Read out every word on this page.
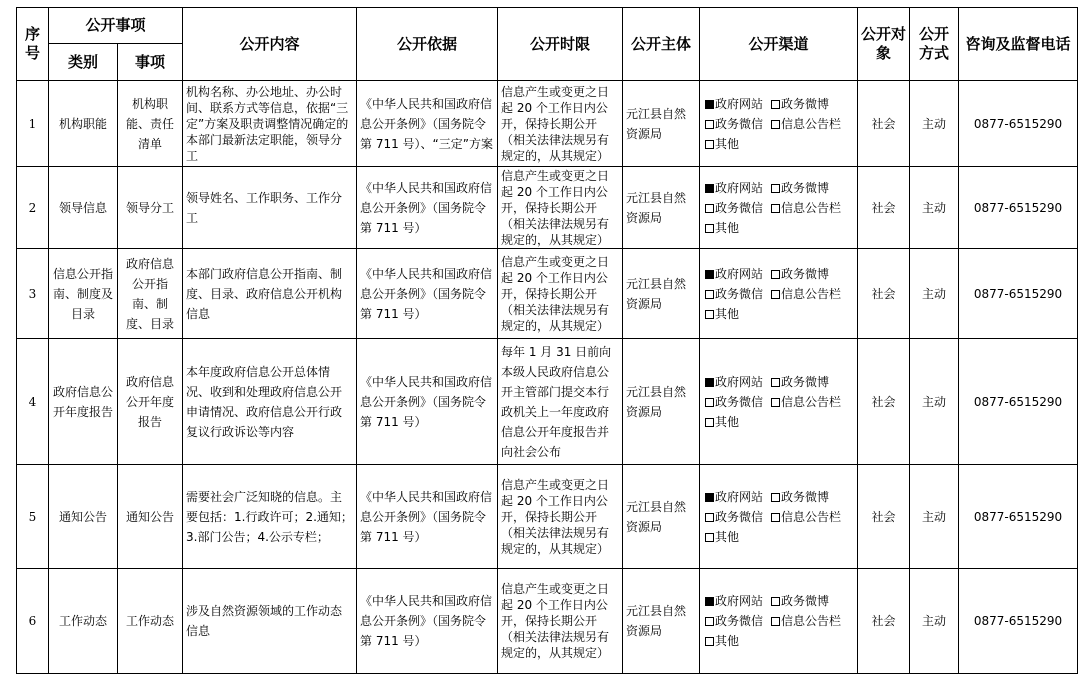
序号	公开事项		公开内容	公开依据	公开时限	公开主体	公开渠道	公开对象	公开方式	咨询及监督电话
	类别	事项								
1	机构职能	机构职能、责任清单	机构名称、办公地址、办公时间、联系方式等信息，依据“三定”方案及职责调整情况确定的本部门最新法定职能，领导分工	《中华人民共和国政府信息公开条例》（国务院令第 711 号）、“三定”方案	信息产生或变更之日起 20 个工作日内公开，保持长期公开（相关法律法规另有规定的，从其规定）	元江县自然资源局	政府网站 政务微博
政务微信 信息公告栏
其他	社会	主动	0877-6515290
2	领导信息	领导分工	领导姓名、工作职务、工作分工	《中华人民共和国政府信息公开条例》（国务院令第 711 号）	信息产生或变更之日起 20 个工作日内公开，保持长期公开（相关法律法规另有规定的，从其规定）	元江县自然资源局	政府网站 政务微博
政务微信 信息公告栏
其他	社会	主动	0877-6515290
3	信息公开指南、制度及目录	政府信息公开指南、制度、目录	本部门政府信息公开指南、制度、目录、政府信息公开机构信息	《中华人民共和国政府信息公开条例》（国务院令第 711 号）	信息产生或变更之日起 20 个工作日内公开，保持长期公开（相关法律法规另有规定的，从其规定）	元江县自然资源局	政府网站 政务微博
政务微信 信息公告栏
其他	社会	主动	0877-6515290
4	政府信息公开年度报告	政府信息公开年度报告	本年度政府信息公开总体情况、收到和处理政府信息公开申请情况、政府信息公开行政复议行政诉讼等内容	《中华人民共和国政府信息公开条例》（国务院令第 711 号）	每年 1 月 31 日前向本级人民政府信息公开主管部门提交本行政机关上一年度政府信息公开年度报告并向社会公布	元江县自然资源局	政府网站 政务微博
政务微信 信息公告栏
其他	社会	主动	0877-6515290
5	通知公告	通知公告	需要社会广泛知晓的信息。主要包括：1.行政许可；2.通知；3.部门公告；4.公示专栏；	《中华人民共和国政府信息公开条例》（国务院令第 711 号）	信息产生或变更之日起 20 个工作日内公开，保持长期公开（相关法律法规另有规定的，从其规定）	元江县自然资源局	政府网站 政务微博
政务微信 信息公告栏
其他	社会	主动	0877-6515290
6	工作动态	工作动态	涉及自然资源领域的工作动态信息	《中华人民共和国政府信息公开条例》（国务院令第 711 号）	信息产生或变更之日起 20 个工作日内公开，保持长期公开（相关法律法规另有规定的，从其规定）	元江县自然资源局	政府网站 政务微博
政务微信 信息公告栏
其他	社会	主动	0877-6515290
